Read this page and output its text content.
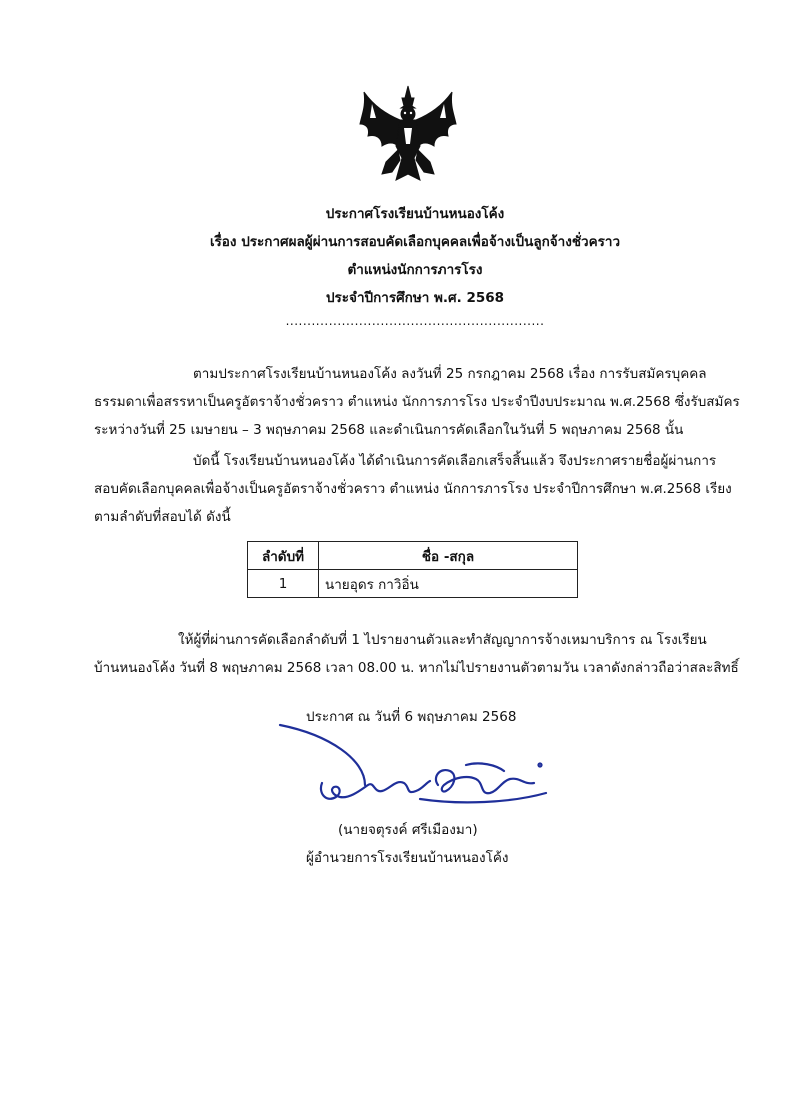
ประกาศโรงเรียนบ้านหนองโค้ง
เรื่อง ประกาศผลผู้ผ่านการสอบคัดเลือกบุคคลเพื่อจ้างเป็นลูกจ้างชั่วคราว
ตำแหน่งนักการภารโรง
ประจำปีการศึกษา พ.ศ. 2568
............................................................
ตามประกาศโรงเรียนบ้านหนองโค้ง ลงวันที่ 25 กรกฎาคม 2568 เรื่อง การรับสมัครบุคคล
ธรรมดาเพื่อสรรหาเป็นครูอัตราจ้างชั่วคราว ตำแหน่ง นักการภารโรง ประจำปีงบประมาณ พ.ศ.2568 ซึ่งรับสมัคร
ระหว่างวันที่ 25 เมษายน – 3 พฤษภาคม 2568 และดำเนินการคัดเลือกในวันที่ 5 พฤษภาคม 2568 นั้น
บัดนี้ โรงเรียนบ้านหนองโค้ง ได้ดำเนินการคัดเลือกเสร็จสิ้นแล้ว จึงประกาศรายชื่อผู้ผ่านการ
สอบคัดเลือกบุคคลเพื่อจ้างเป็นครูอัตราจ้างชั่วคราว ตำแหน่ง นักการภารโรง ประจำปีการศึกษา พ.ศ.2568 เรียง
ตามลำดับที่สอบได้ ดังนี้
ลำดับที่	ชื่อ -สกุล
1	นายอุดร กาวิอิ่น
ให้ผู้ที่ผ่านการคัดเลือกลำดับที่ 1 ไปรายงานตัวและทำสัญญาการจ้างเหมาบริการ ณ โรงเรียน
บ้านหนองโค้ง วันที่ 8 พฤษภาคม 2568 เวลา 08.00 น. หากไม่ไปรายงานตัวตามวัน เวลาดังกล่าวถือว่าสละสิทธิ์
ประกาศ ณ วันที่ 6 พฤษภาคม 2568
(นายจตุรงค์ ศรีเมืองมา)
ผู้อำนวยการโรงเรียนบ้านหนองโค้ง
